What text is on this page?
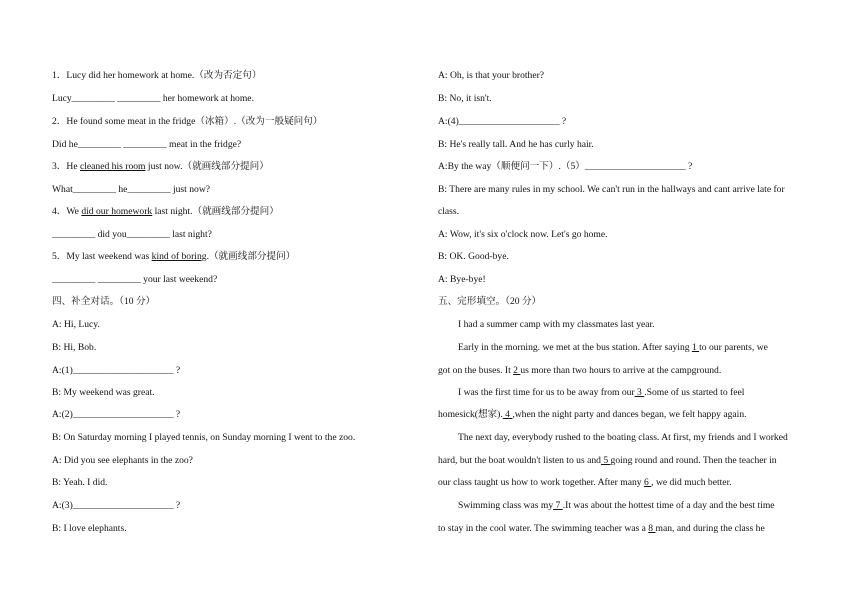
1．Lucy did her homework at home.（改为否定句）
Lucy_________ _________ her homework at home.
2．He found some meat in the fridge（冰箱）.（改为一般疑问句）
Did he_________ _________ meat in the fridge?
3．He cleaned his room just now.（就画线部分提问）
What_________ he_________ just now?
4．We did our homework last night.（就画线部分提问）
_________ did you_________ last night?
5．My last weekend was kind of boring.（就画线部分提问）
_________ _________ your last weekend?
四、补全对话。（10 分）
A: Hi, Lucy.
B: Hi, Bob.
A:(1)_____________________ ?
B: My weekend was great.
A:(2)_____________________ ?
B: On Saturday morning I played tennis, on Sunday morning I went to the zoo.
A: Did you see elephants in the zoo?
B: Yeah. I did.
A:(3)_____________________ ?
B: I love elephants.
A: Oh, is that your brother?
B: No, it isn't.
A:(4)_____________________ ?
B: He's really tall. And he has curly hair.
A:By the way（顺便问一下）.（5）_____________________ ?
B: There are many rules in my school. We can't run in the hallways and cant arrive late for
class.
A: Wow, it's six o'clock now. Let's go home.
B: OK. Good-bye.
A: Bye-bye!
五、完形填空。（20 分）
I had a summer camp with my classmates last year.
Early in the morning. we met at the bus station. After saying 1 to our parents, we
got on the buses. It 2 us more than two hours to arrive at the campground.
I was the first time for us to be away from our 3 .Some of us started to feel
homesick(想家). 4 ,when the night party and dances began, we felt happy again.
The next day, everybody rushed to the boating class. At first, my friends and I worked
hard, but the boat wouldn't listen to us and 5 going round and round. Then the teacher in
our class taught us how to work together. After many 6 , we did much better.
Swimming class was my 7 .It was about the hottest time of a day and the best time
to stay in the cool water. The swimming teacher was a 8 man, and during the class he
